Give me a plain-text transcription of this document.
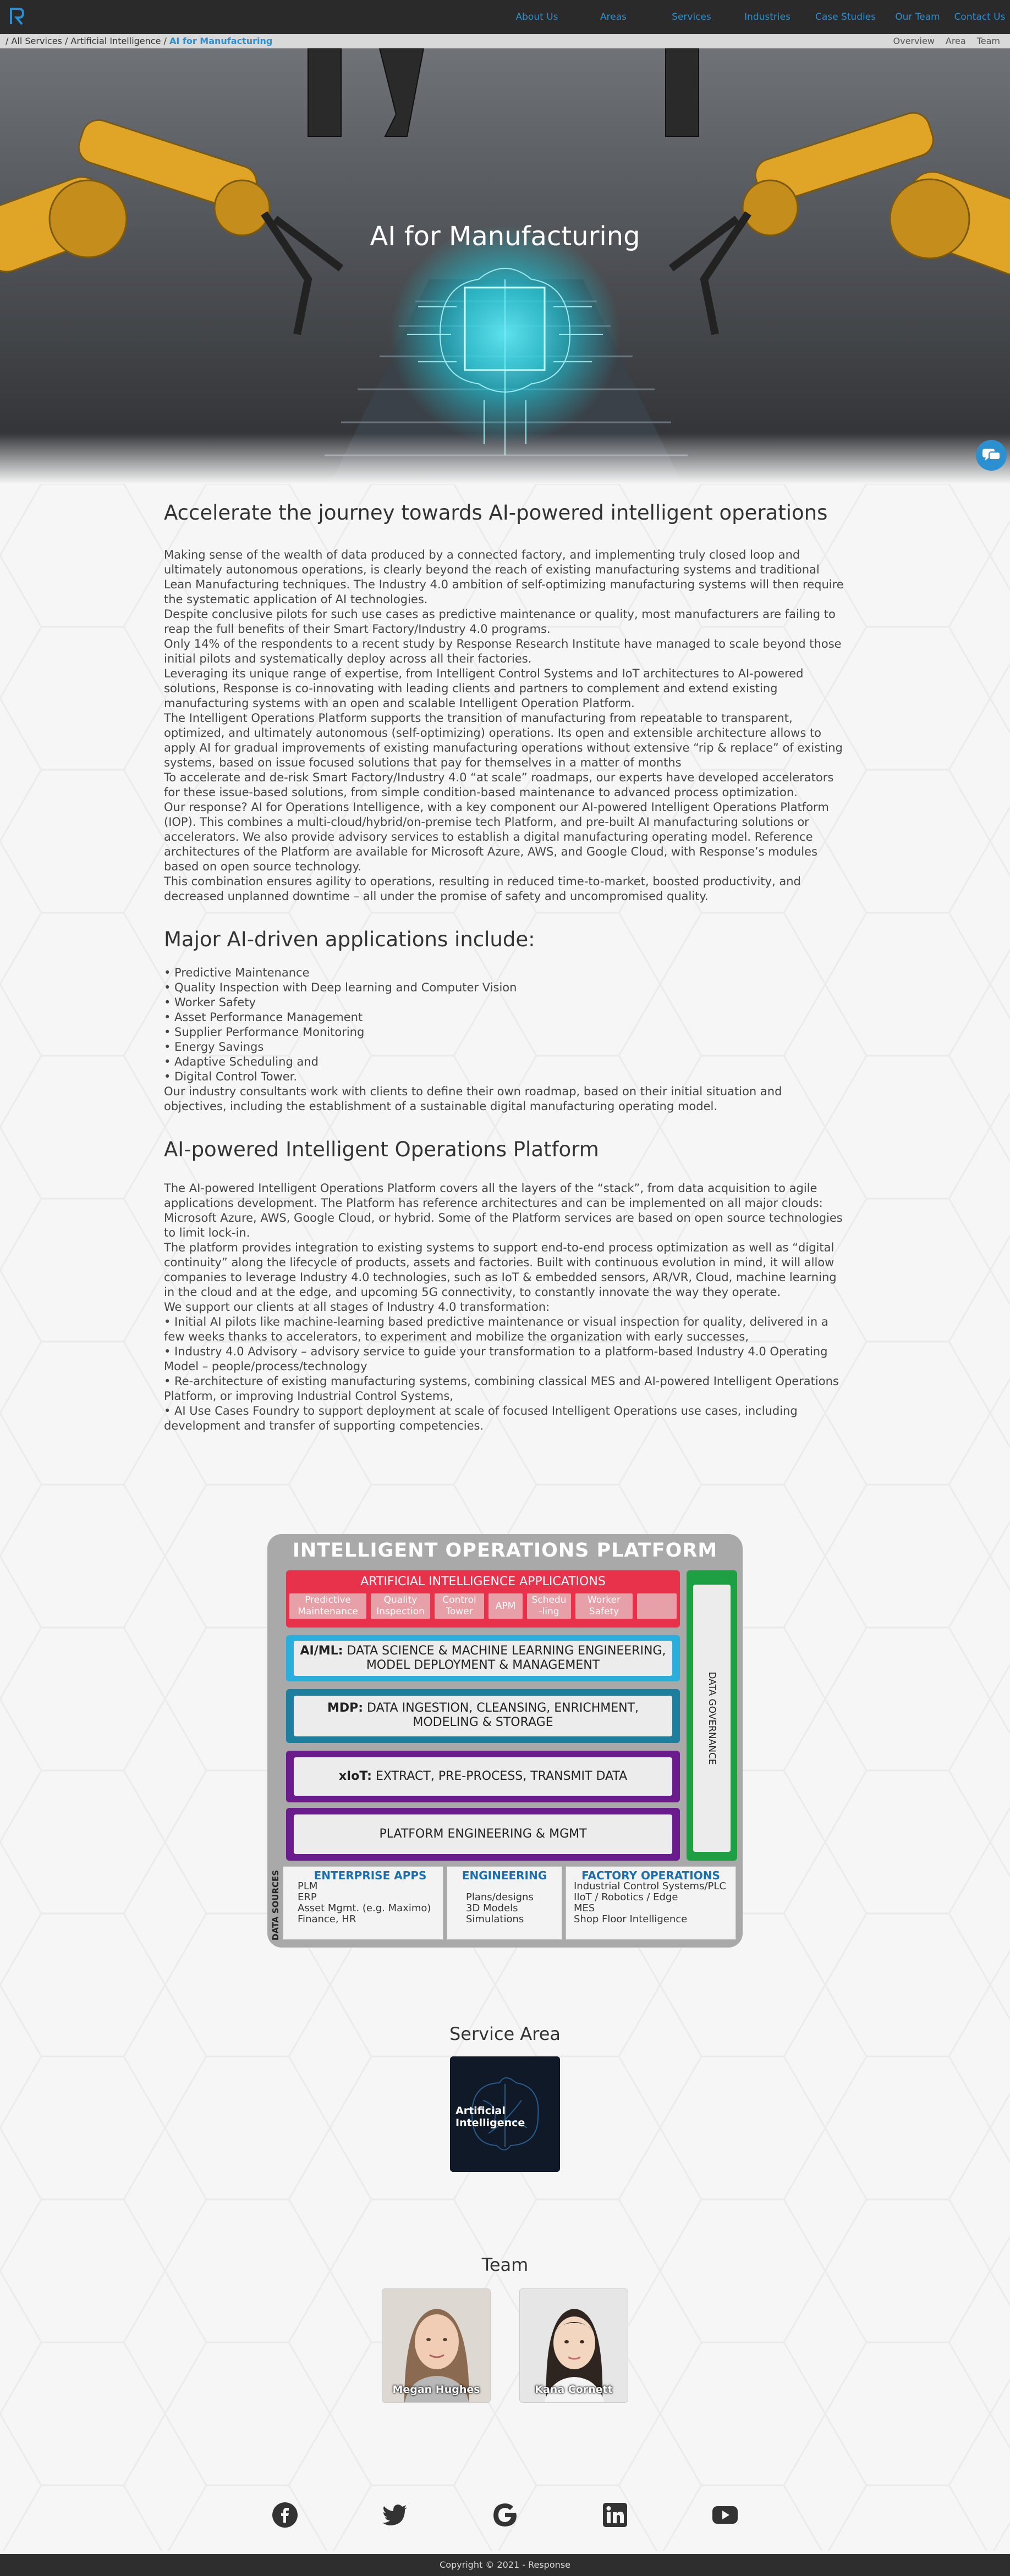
About Us	Areas	Services	Industries	Case Studies	Our Team	Contact Us
/ All Services / Artificial Intelligence / AI for Manufacturing	Overview Area Team
AI for Manufacturing
Accelerate the journey towards AI-powered intelligent operations
Making sense of the wealth of data produced by a connected factory, and implementing truly closed loop and ultimately autonomous operations, is clearly beyond the reach of existing manufacturing systems and traditional Lean Manufacturing techniques. The Industry 4.0 ambition of self-optimizing manufacturing systems will then require the systematic application of AI technologies.
Despite conclusive pilots for such use cases as predictive maintenance or quality, most manufacturers are failing to reap the full benefits of their Smart Factory/Industry 4.0 programs.
Only 14% of the respondents to a recent study by Response Research Institute have managed to scale beyond those initial pilots and systematically deploy across all their factories.
Leveraging its unique range of expertise, from Intelligent Control Systems and IoT architectures to AI-powered solutions, Response is co-innovating with leading clients and partners to complement and extend existing manufacturing systems with an open and scalable Intelligent Operation Platform.
The Intelligent Operations Platform supports the transition of manufacturing from repeatable to transparent, optimized, and ultimately autonomous (self-optimizing) operations. Its open and extensible architecture allows to apply AI for gradual improvements of existing manufacturing operations without extensive “rip & replace” of existing systems, based on issue focused solutions that pay for themselves in a matter of months
To accelerate and de-risk Smart Factory/Industry 4.0 “at scale” roadmaps, our experts have developed accelerators for these issue-based solutions, from simple condition-based maintenance to advanced process optimization.
Our response? AI for Operations Intelligence, with a key component our AI-powered Intelligent Operations Platform (IOP). This combines a multi-cloud/hybrid/on-premise tech Platform, and pre-built AI manufacturing solutions or accelerators. We also provide advisory services to establish a digital manufacturing operating model. Reference architectures of the Platform are available for Microsoft Azure, AWS, and Google Cloud, with Response’s modules based on open source technology.
This combination ensures agility to operations, resulting in reduced time-to-market, boosted productivity, and decreased unplanned downtime – all under the promise of safety and uncompromised quality.
Major AI-driven applications include:
• Predictive Maintenance
• Quality Inspection with Deep learning and Computer Vision
• Worker Safety
• Asset Performance Management
• Supplier Performance Monitoring
• Energy Savings
• Adaptive Scheduling and
• Digital Control Tower.
Our industry consultants work with clients to define their own roadmap, based on their initial situation and objectives, including the establishment of a sustainable digital manufacturing operating model.
AI-powered Intelligent Operations Platform
The AI-powered Intelligent Operations Platform covers all the layers of the “stack”, from data acquisition to agile applications development. The Platform has reference architectures and can be implemented on all major clouds: Microsoft Azure, AWS, Google Cloud, or hybrid. Some of the Platform services are based on open source technologies to limit lock-in.
The platform provides integration to existing systems to support end-to-end process optimization as well as “digital continuity” along the lifecycle of products, assets and factories. Built with continuous evolution in mind, it will allow companies to leverage Industry 4.0 technologies, such as IoT & embedded sensors, AR/VR, Cloud, machine learning in the cloud and at the edge, and upcoming 5G connectivity, to constantly innovate the way they operate.
We support our clients at all stages of Industry 4.0 transformation:
• Initial AI pilots like machine-learning based predictive maintenance or visual inspection for quality, delivered in a few weeks thanks to accelerators, to experiment and mobilize the organization with early successes,
• Industry 4.0 Advisory – advisory service to guide your transformation to a platform-based Industry 4.0 Operating Model – people/process/technology
• Re-architecture of existing manufacturing systems, combining classical MES and AI-powered Intelligent Operations Platform, or improving Industrial Control Systems,
• AI Use Cases Foundry to support deployment at scale of focused Intelligent Operations use cases, including development and transfer of supporting competencies.
INTELLIGENT OPERATIONS PLATFORM
ARTIFICIAL INTELLIGENCE APPLICATIONS
Predictive
Maintenance
Quality
Inspection
Control
Tower
APM
Schedu
-ling
Worker
Safety
AI/ML: DATA SCIENCE & MACHINE LEARNING ENGINEERING, MODEL DEPLOYMENT & MANAGEMENT
MDP: DATA INGESTION, CLEANSING, ENRICHMENT, MODELING & STORAGE
xIoT: EXTRACT, PRE-PROCESS, TRANSMIT DATA
PLATFORM ENGINEERING & MGMT
DATA GOVERNANCE
DATA SOURCES	ENTERPRISE APPS
PLM
ERP
Asset Mgmt. (e.g. Maximo)
Finance, HR
ENGINEERING
Plans/designs
3D Models
Simulations
FACTORY OPERATIONS
Industrial Control Systems/PLC
IIoT / Robotics / Edge
MES
Shop Floor Intelligence
Service Area
Artificial
Intelligence
Team
Megan Hughes	Kana Cornett
Copyright © 2021 - Response
